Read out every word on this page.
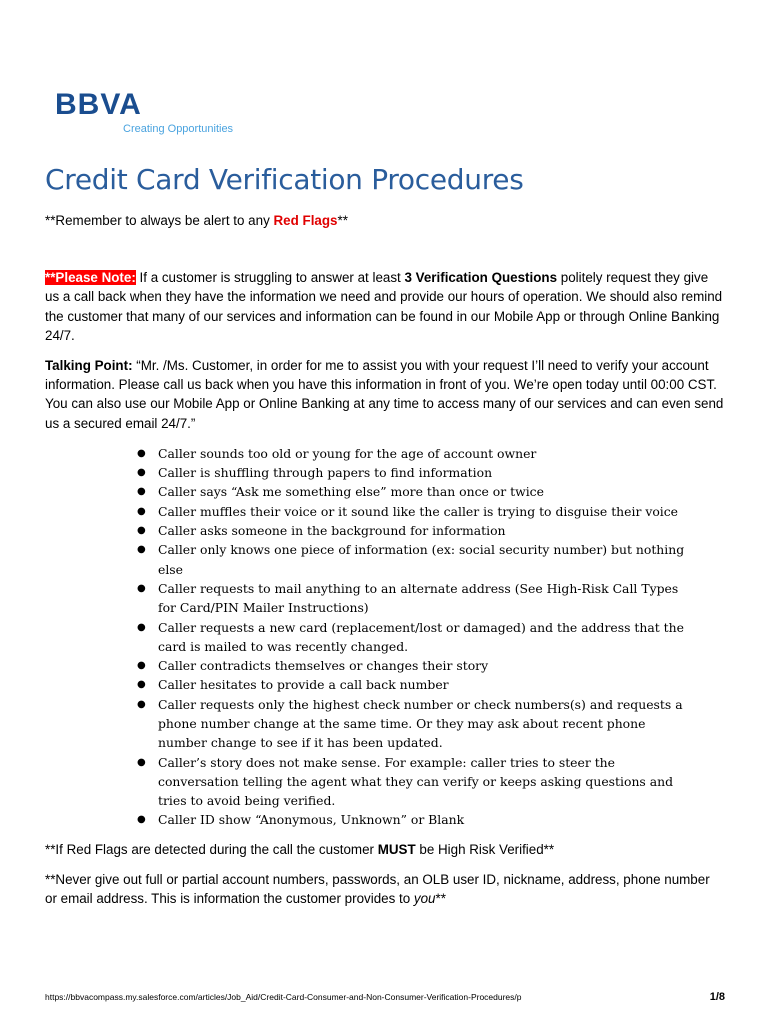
BBVA
Creating Opportunities
Credit Card Verification Procedures

**Remember to always be alert to any Red Flags**

**Please Note: If a customer is struggling to answer at least 3 Verification Questions politely request they give us a call back when they have the information we need and provide our hours of operation. We should also remind the customer that many of our services and information can be found in our Mobile App or through Online Banking 24/7.

Talking Point: “Mr. /Ms. Customer, in order for me to assist you with your request I’ll need to verify your account information. Please call us back when you have this information in front of you. We’re open today until 00:00 CST. You can also use our Mobile App or Online Banking at any time to access many of our services and can even send us a secured email 24/7.”

● Caller sounds too old or young for the age of account owner
● Caller is shuffling through papers to find information
● Caller says “Ask me something else” more than once or twice
● Caller muffles their voice or it sound like the caller is trying to disguise their voice
● Caller asks someone in the background for information
● Caller only knows one piece of information (ex: social security number) but nothing else
● Caller requests to mail anything to an alternate address (See High-Risk Call Types for Card/PIN Mailer Instructions)
● Caller requests a new card (replacement/lost or damaged) and the address that the card is mailed to was recently changed.
● Caller contradicts themselves or changes their story
● Caller hesitates to provide a call back number
● Caller requests only the highest check number or check numbers(s) and requests a phone number change at the same time. Or they may ask about recent phone number change to see if it has been updated.
● Caller’s story does not make sense. For example: caller tries to steer the conversation telling the agent what they can verify or keeps asking questions and tries to avoid being verified.
● Caller ID show “Anonymous, Unknown” or Blank

**If Red Flags are detected during the call the customer MUST be High Risk Verified**

**Never give out full or partial account numbers, passwords, an OLB user ID, nickname, address, phone number or email address. This is information the customer provides to you**

https://bbvacompass.my.salesforce.com/articles/Job_Aid/Credit-Card-Consumer-and-Non-Consumer-Verification-Procedures/p	1/8
